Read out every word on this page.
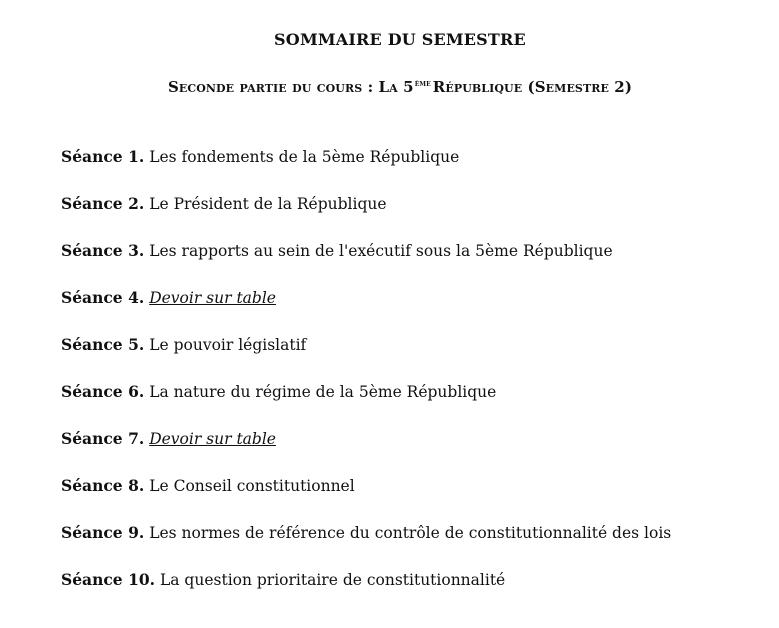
SOMMAIRE DU SEMESTRE
Seconde partie du cours : La 5ème République (Semestre 2)
Séance 1. Les fondements de la 5ème République
Séance 2. Le Président de la République
Séance 3. Les rapports au sein de l'exécutif sous la 5ème République
Séance 4. Devoir sur table
Séance 5. Le pouvoir législatif
Séance 6. La nature du régime de la 5ème République
Séance 7. Devoir sur table
Séance 8. Le Conseil constitutionnel
Séance 9. Les normes de référence du contrôle de constitutionnalité des lois
Séance 10. La question prioritaire de constitutionnalité
